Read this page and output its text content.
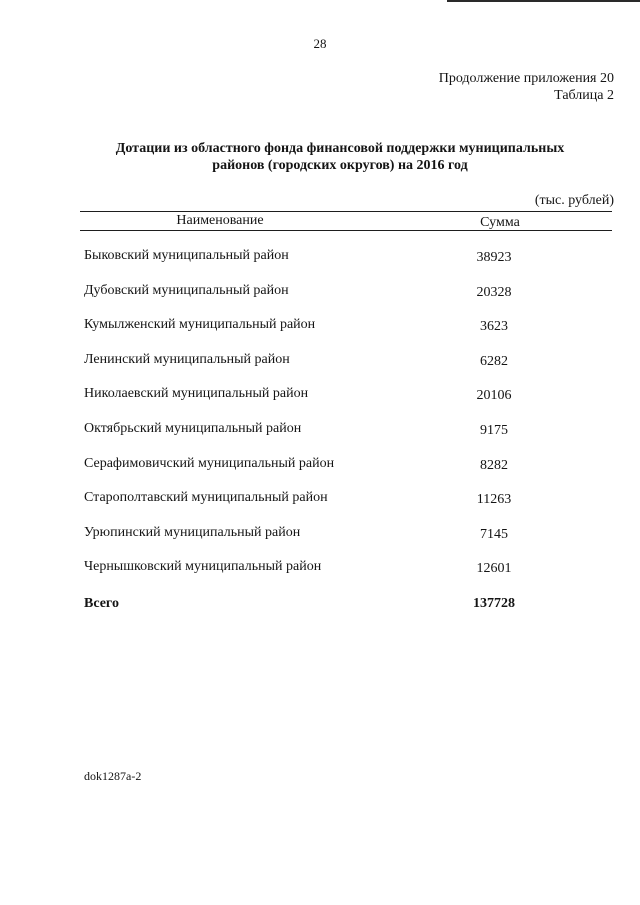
28
Продолжение приложения 20
Таблица 2
Дотации из областного фонда финансовой поддержки муниципальных
районов (городских округов) на 2016 год
(тыс. рублей)
Наименование	Сумма
Быковский муниципальный район	38923
Дубовский муниципальный район	20328
Кумылженский муниципальный район	3623
Ленинский муниципальный район	6282
Николаевский муниципальный район	20106
Октябрьский муниципальный район	9175
Серафимовичский муниципальный район	8282
Старополтавский муниципальный район	11263
Урюпинский муниципальный район	7145
Чернышковский муниципальный район	12601
Всего	137728
dok1287a-2
